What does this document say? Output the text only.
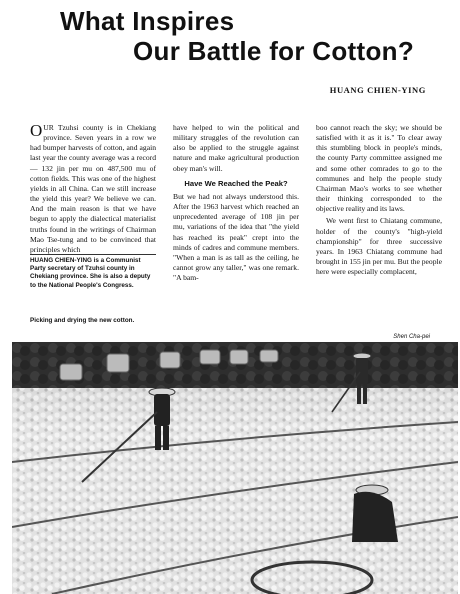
What Inspires
Our Battle for Cotton?
HUANG CHIEN-YING

OUR Tzuhsi county is in Chekiang province. Seven years in a row we had bumper harvests of cotton, and again last year the county average was a record — 132 jin per mu on 487,500 mu of cotton fields. This was one of the highest yields in all China. Can we still increase the yield this year? We believe we can. And the main reason is that we have begun to apply the dialectical materialist truths found in the writings of Chairman Mao Tse-tung and to be convinced that principles which

HUANG CHIEN-YING is a Communist Party secretary of Tzuhsi county in Chekiang province. She is also a deputy to the National People's Congress.
Picking and drying the new cotton.

have helped to win the political and military struggles of the revolution can also be applied to the struggle against nature and make agricultural production obey man's will.

Have We Reached the Peak?

But we had not always understood this. After the 1963 harvest which reached an unprecedented average of 108 jin per mu, variations of the idea that "the yield has reached its peak" crept into the minds of cadres and commune members. "When a man is as tall as the ceiling, he cannot grow any taller," was one remark. "A bam-

boo cannot reach the sky; we should be satisfied with it as it is." To clear away this stumbling block in people's minds, the county Party committee assigned me and some other comrades to go to the communes and help the people study Chairman Mao's works to see whether their thinking corresponded to the objective reality and its laws.

We went first to Chiatang commune, holder of the county's "high-yield championship" for three successive years. In 1963 Chiatang commune had brought in 155 jin per mu. But the people here were especially complacent,

Shen Cha-pei
